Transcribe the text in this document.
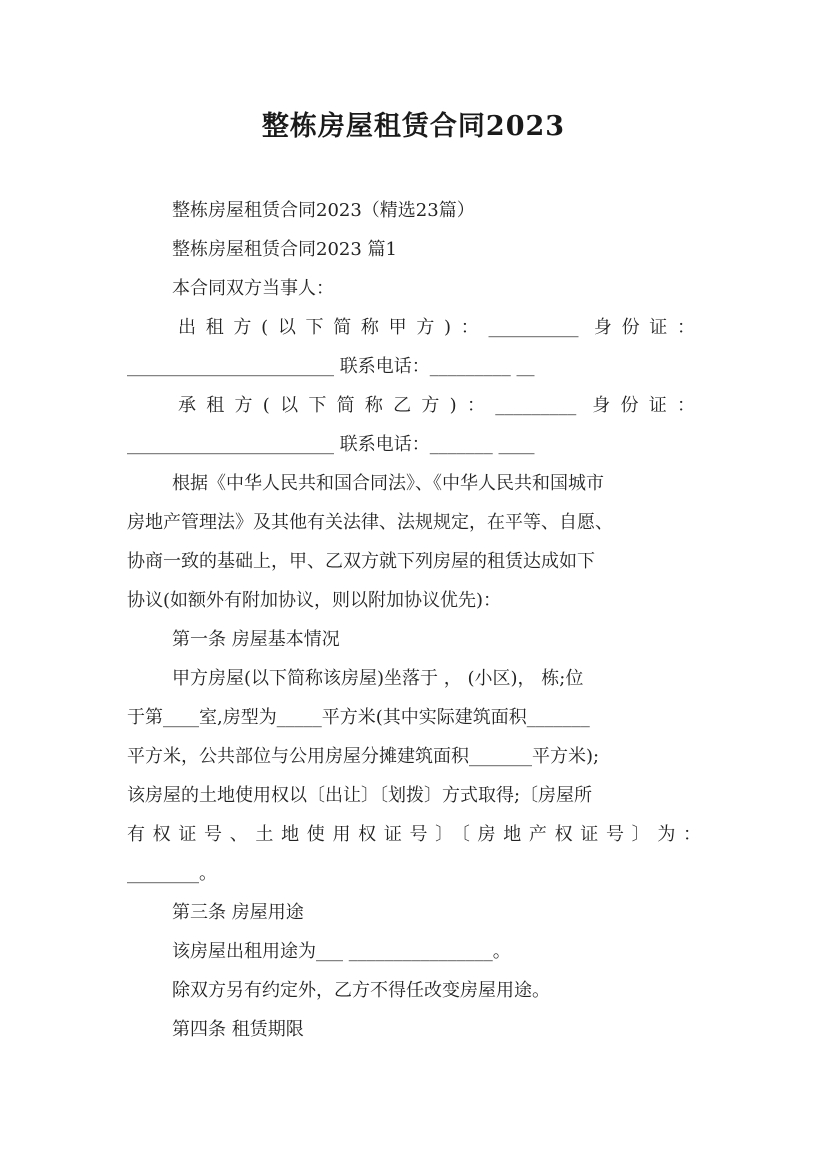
整栋房屋租赁合同2023
整栋房屋租赁合同2023（精选23篇）
整栋房屋租赁合同2023 篇1
本合同双方当事人：
出租方(以下简称甲方)：__________ 身份证：
_______________________ 联系电话：_________ __
承租方(以下简称乙方)：_________ 身份证：
_______________________ 联系电话：_______ ____
根据《中华人民共和国合同法》、《中华人民共和国城市
房地产管理法》及其他有关法律、法规规定，在平等、自愿、
协商一致的基础上，甲、乙双方就下列房屋的租赁达成如下
协议(如额外有附加协议，则以附加协议优先)：
第一条 房屋基本情况
甲方房屋(以下简称该房屋)坐落于 ， (小区)， 栋;位
于第____室,房型为_____平方米(其中实际建筑面积_______
平方米，公共部位与公用房屋分摊建筑面积_______平方米);
该房屋的土地使用权以〔出让〕〔划拨〕方式取得;〔房屋所
有权证号、土地使用权证号〕〔房地产权证号〕为：
________。
第三条 房屋用途
该房屋出租用途为___ ________________。
除双方另有约定外，乙方不得任改变房屋用途。
第四条 租赁期限
